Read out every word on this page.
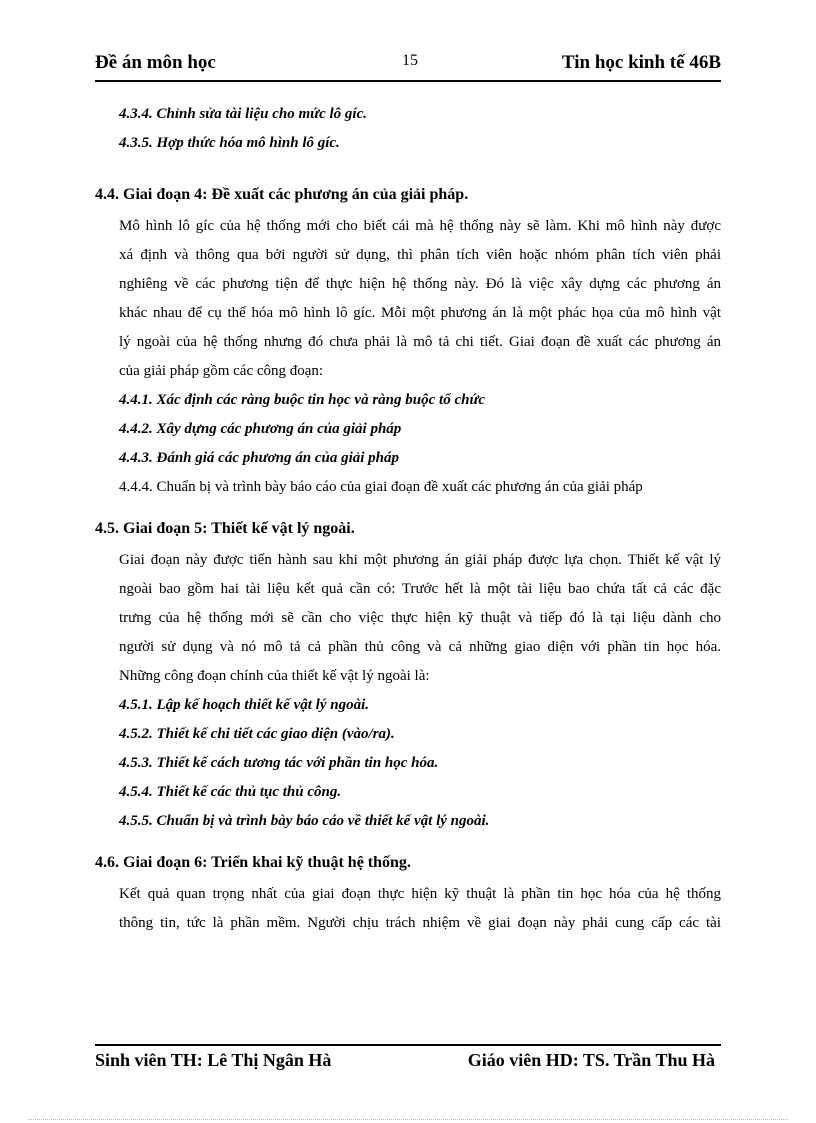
Đề án môn học	15	Tin học kinh tế 46B
4.3.4. Chỉnh sửa tài liệu cho mức lô gíc.
4.3.5. Hợp thức hóa mô hình lô gíc.
4.4. Giai đoạn 4: Đề xuất các phương án của giải pháp.
Mô hình lô gíc của hệ thống mới cho biết cái mà hệ thống này sẽ làm. Khi mô hình này được
xá định và thông qua bởi người sử dụng, thì phân tích viên hoặc nhóm phân tích viên phải
nghiêng về các phương tiện để thực hiện hệ thống này. Đó là việc xây dựng các phương án
khác nhau để cụ thể hóa mô hình lô gíc. Mỗi một phương án là một phác họa của mô hình vật
lý ngoài của hệ thống nhưng đó chưa phải là mô tả chi tiết. Giai đoạn đề xuất các phương án
của giải pháp gồm các công đoạn:
4.4.1. Xác định các ràng buộc tin học và ràng buộc tổ chức
4.4.2. Xây dựng các phương án của giải pháp
4.4.3. Đánh giá các phương án của giải pháp
4.4.4. Chuẩn bị và trình bày báo cáo của giai đoạn đề xuất các phương án của giải pháp
4.5. Giai đoạn 5: Thiết kế vật lý ngoài.
Giai đoạn này được tiến hành sau khi một phương án giải pháp được lựa chọn. Thiết kế vật lý
ngoài bao gồm hai tài liệu kết quả cần có: Trước hết là một tài liệu bao chứa tất cả các đặc
trưng của hệ thống mới sẽ cần cho việc thực hiện kỹ thuật và tiếp đó là tại liệu dành cho
người sử dụng và nó mô tả cả phần thủ công và cả những giao diện với phần tin học hóa.
Những công đoạn chính của thiết kế vật lý ngoài là:
4.5.1. Lập kế hoạch thiết kế vật lý ngoài.
4.5.2. Thiết kế chi tiết các giao diện (vào/ra).
4.5.3. Thiết kế cách tương tác với phần tin học hóa.
4.5.4. Thiết kế các thủ tục thủ công.
4.5.5. Chuẩn bị và trình bày báo cáo về thiết kế vật lý ngoài.
4.6. Giai đoạn 6: Triển khai kỹ thuật hệ thống.
Kết quả quan trọng nhất của giai đoạn thực hiện kỹ thuật là phần tin học hóa của hệ thống
thông tin, tức là phần mềm. Người chịu trách nhiệm về giai đoạn này phải cung cấp các tài
Sinh viên TH: Lê Thị Ngân Hà	Giáo viên HD: TS. Trần Thu Hà
